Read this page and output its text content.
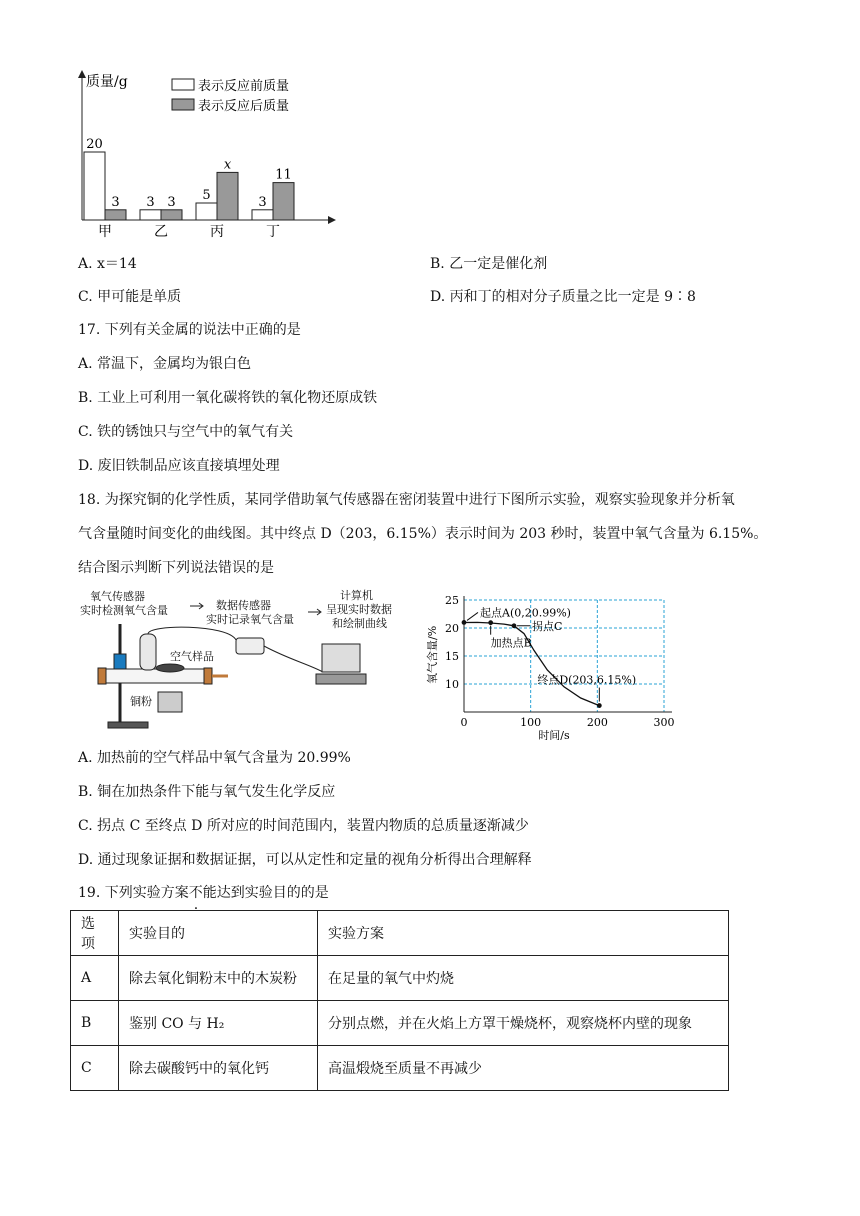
20
3
甲
3 3
乙
5
x
丙
3
11
丁
质量/g	表示反应前质量
表示反应后质量
A. x＝14	B. 乙一定是催化剂
C. 甲可能是单质	D. 丙和丁的相对分子质量之比一定是 9∶8
17. 下列有关金属的说法中正确的是
A. 常温下，金属均为银白色
B. 工业上可利用一氧化碳将铁的氧化物还原成铁
C. 铁的锈蚀只与空气中的氧气有关
D. 废旧铁制品应该直接填埋处理
18. 为探究铜的化学性质，某同学借助氧气传感器在密闭装置中进行下图所示实验，观察实验现象并分析氧
气含量随时间变化的曲线图。其中终点 D（203，6.15%）表示时间为 203 秒时，装置中氧气含量为 6.15%。
结合图示判断下列说法错误的是
氧气传感器
实时检测氧气含量	数据传感器
实时记录氧气含量
计算机
呈现实时数据
和绘制曲线
空气样品
铜粉
0	100	200	300
10
15
20
25
时间/s
氧气含量/%
起点A(0,20.99%)
加热点B
拐点C
终点D(203,6.15%)
A. 加热前的空气样品中氧气含量为 20.99%
B. 铜在加热条件下能与氧气发生化学反应
C. 拐点 C 至终点 D 所对应的时间范围内，装置内物质的总质量逐渐减少
D. 通过现象证据和数据证据，可以从定性和定量的视角分析得出合理解释
19. 下列实验方案不能达到实验目的的是
选项	实验目的	实验方案
A	除去氧化铜粉末中的木炭粉	在足量的氧气中灼烧
B	鉴别 CO 与 H₂	分别点燃，并在火焰上方罩干燥烧杯，观察烧杯内壁的现象
C	除去碳酸钙中的氧化钙	高温煅烧至质量不再减少
